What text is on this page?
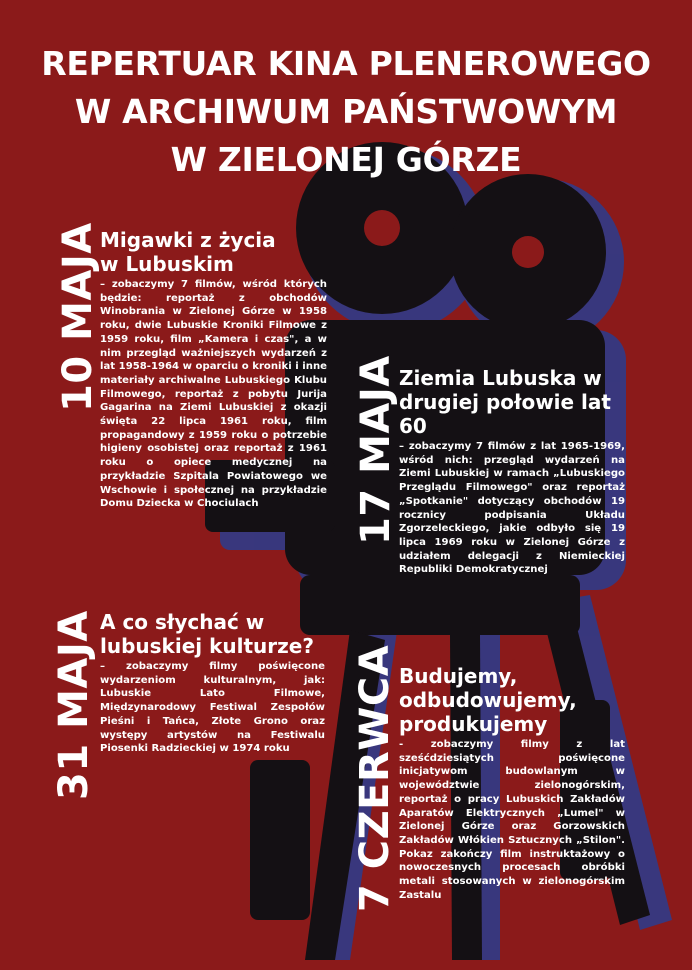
REPERTUAR KINA PLENEROWEGO
W ARCHIWUM PAŃSTWOWYM
W ZIELONEJ GÓRZE
10 MAJA Migawki z życia w Lubuskim

– zobaczymy 7 filmów, wśród których będzie: reportaż z obchodów Winobrania w Zielonej Górze w 1958 roku, dwie Lubuskie Kroniki Filmowe z 1959 roku, film „Kamera i czas", a w nim przegląd ważniejszych wydarzeń z lat 1958-1964 w oparciu o kroniki i inne materiały archiwalne Lubuskiego Klubu Filmowego, reportaż z pobytu Jurija Gagarina na Ziemi Lubuskiej z okazji święta 22 lipca 1961 roku, film propagandowy z 1959 roku o potrzebie higieny osobistej oraz reportaż z 1961 roku o opiece medycznej na przykładzie Szpitala Powiatowego we Wschowie i społecznej na przykładzie Domu Dziecka w Chociulach	17 MAJA Ziemia Lubuska w drugiej połowie lat 60

– zobaczymy 7 filmów z lat 1965-1969, wśród nich: przegląd wydarzeń na Ziemi Lubuskiej w ramach „Lubuskiego Przeglądu Filmowego" oraz reportaż „Spotkanie" dotyczący obchodów 19 rocznicy podpisania Układu Zgorzeleckiego, jakie odbyło się 19 lipca 1969 roku w Zielonej Górze z udziałem delegacji z Niemieckiej Republiki Demokratycznej

31 MAJA A co słychać w lubuskiej kulturze?

– zobaczymy filmy poświęcone wydarzeniom kulturalnym, jak: Lubuskie Lato Filmowe, Międzynarodowy Festiwal Zespołów Pieśni i Tańca, Złote Grono oraz występy artystów na Festiwalu Piosenki Radzieckiej w 1974 roku	7 CZERWCA Budujemy, odbudowujemy, produkujemy

- zobaczymy filmy z lat sześćdziesiątych poświęcone inicjatywom budowlanym w województwie zielonogórskim, reportaż o pracy Lubuskich Zakładów Aparatów Elektrycznych „Lumel" w Zielonej Górze oraz Gorzowskich Zakładów Włókien Sztucznych „Stilon". Pokaz zakończy film instruktażowy o nowoczesnych procesach obróbki metali stosowanych w zielonogórskim Zastalu
